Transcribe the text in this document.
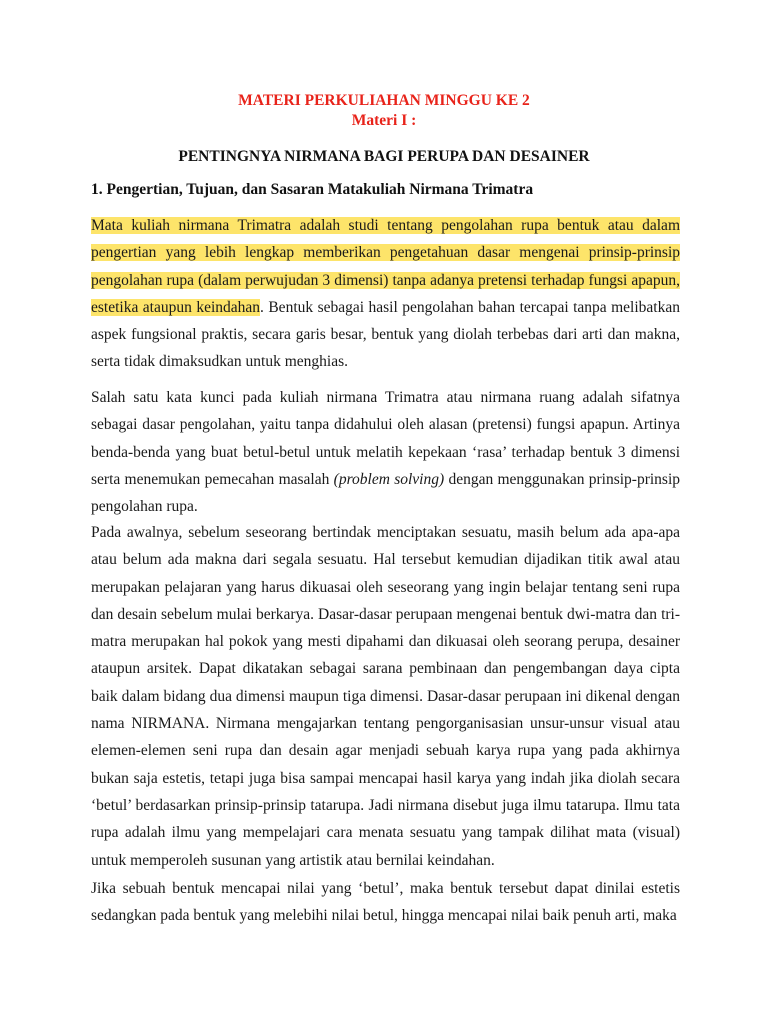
MATERI PERKULIAHAN MINGGU KE 2
Materi I :
PENTINGNYA NIRMANA BAGI PERUPA DAN DESAINER
1. Pengertian, Tujuan, dan Sasaran Matakuliah Nirmana Trimatra

Mata kuliah nirmana Trimatra adalah studi tentang pengolahan rupa bentuk atau dalam pengertian yang lebih lengkap memberikan pengetahuan dasar mengenai prinsip-prinsip pengolahan rupa (dalam perwujudan 3 dimensi) tanpa adanya pretensi terhadap fungsi apapun, estetika ataupun keindahan. Bentuk sebagai hasil pengolahan bahan tercapai tanpa melibatkan aspek fungsional praktis, secara garis besar, bentuk yang diolah terbebas dari arti dan makna, serta tidak dimaksudkan untuk menghias.

Salah satu kata kunci pada kuliah nirmana Trimatra atau nirmana ruang adalah sifatnya sebagai dasar pengolahan, yaitu tanpa didahului oleh alasan (pretensi) fungsi apapun. Artinya benda-benda yang buat betul-betul untuk melatih kepekaan ‘rasa’ terhadap bentuk 3 dimensi serta menemukan pemecahan masalah (problem solving) dengan menggunakan prinsip-prinsip pengolahan rupa.

Pada awalnya, sebelum seseorang bertindak menciptakan sesuatu, masih belum ada apa-apa atau belum ada makna dari segala sesuatu. Hal tersebut kemudian dijadikan titik awal atau merupakan pelajaran yang harus dikuasai oleh seseorang yang ingin belajar tentang seni rupa dan desain sebelum mulai berkarya. Dasar-dasar perupaan mengenai bentuk dwi-matra dan tri-matra merupakan hal pokok yang mesti dipahami dan dikuasai oleh seorang perupa, desainer ataupun arsitek. Dapat dikatakan sebagai sarana pembinaan dan pengembangan daya cipta baik dalam bidang dua dimensi maupun tiga dimensi. Dasar-dasar perupaan ini dikenal dengan nama NIRMANA. Nirmana mengajarkan tentang pengorganisasian unsur-unsur visual atau elemen-elemen seni rupa dan desain agar menjadi sebuah karya rupa yang pada akhirnya bukan saja estetis, tetapi juga bisa sampai mencapai hasil karya yang indah jika diolah secara ‘betul’ berdasarkan prinsip-prinsip tatarupa. Jadi nirmana disebut juga ilmu tatarupa. Ilmu tata rupa adalah ilmu yang mempelajari cara menata sesuatu yang tampak dilihat mata (visual) untuk memperoleh susunan yang artistik atau bernilai keindahan.

Jika sebuah bentuk mencapai nilai yang ‘betul’, maka bentuk tersebut dapat dinilai estetis sedangkan pada bentuk yang melebihi nilai betul, hingga mencapai nilai baik penuh arti, maka
